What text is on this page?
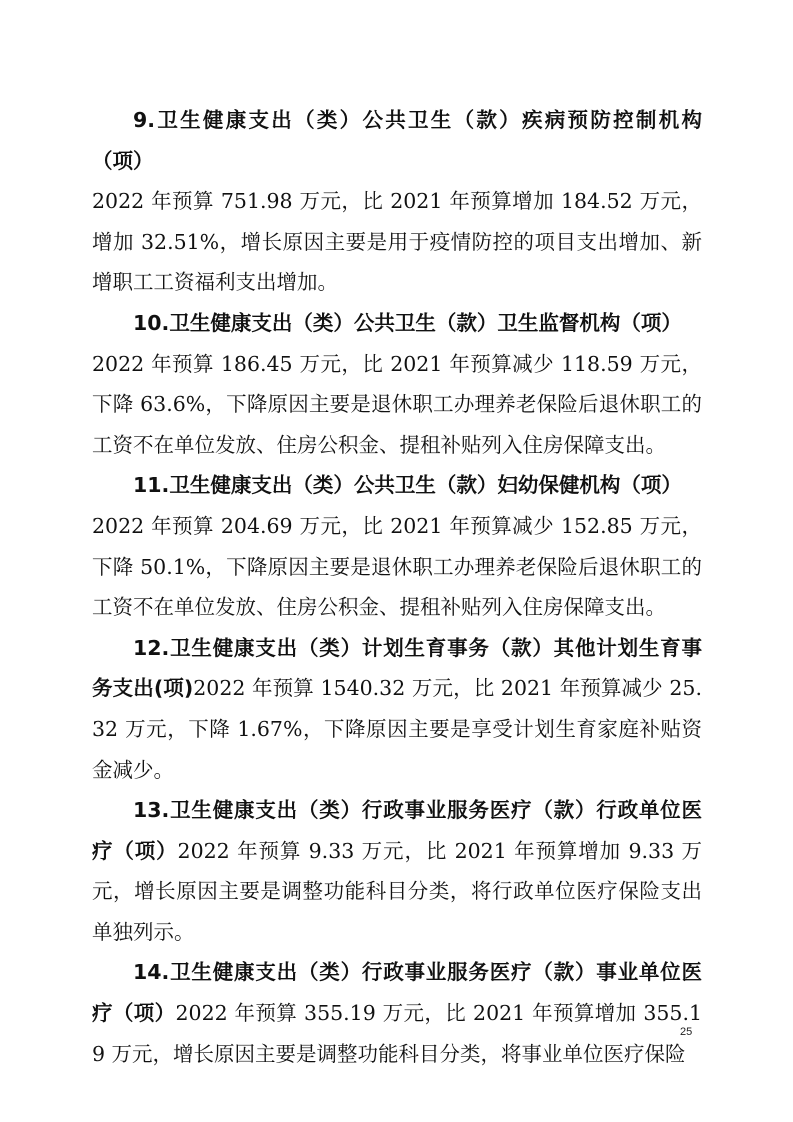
9.卫生健康支出（类）公共卫生（款）疾病预防控制机构（项）
2022 年预算 751.98 万元，比 2021 年预算增加 184.52 万元，增加 32.51%，增长原因主要是用于疫情防控的项目支出增加、新增职工工资福利支出增加。

10.卫生健康支出（类）公共卫生（款）卫生监督机构（项）
2022 年预算 186.45 万元，比 2021 年预算减少 118.59 万元，下降 63.6%，下降原因主要是退休职工办理养老保险后退休职工的工资不在单位发放、住房公积金、提租补贴列入住房保障支出。

11.卫生健康支出（类）公共卫生（款）妇幼保健机构（项）
2022 年预算 204.69 万元，比 2021 年预算减少 152.85 万元，下降 50.1%，下降原因主要是退休职工办理养老保险后退休职工的工资不在单位发放、住房公积金、提租补贴列入住房保障支出。

12.卫生健康支出（类）计划生育事务（款）其他计划生育事务支出(项)2022 年预算 1540.32 万元，比 2021 年预算减少 25.32 万元，下降 1.67%，下降原因主要是享受计划生育家庭补贴资金减少。

13.卫生健康支出（类）行政事业服务医疗（款）行政单位医疗（项）2022 年预算 9.33 万元，比 2021 年预算增加 9.33 万元，增长原因主要是调整功能科目分类，将行政单位医疗保险支出单独列示。

14.卫生健康支出（类）行政事业服务医疗（款）事业单位医疗（项）2022 年预算 355.19 万元，比 2021 年预算增加 355.19 万元，增长原因主要是调整功能科目分类，将事业单位医疗保险

25
